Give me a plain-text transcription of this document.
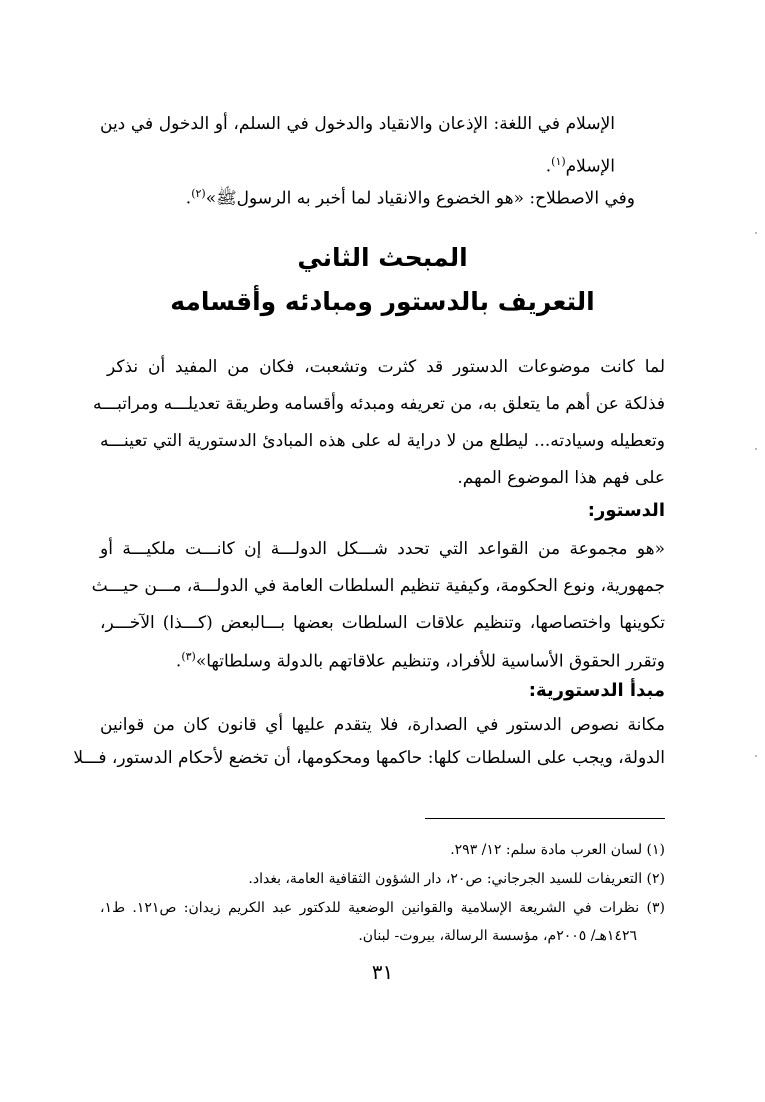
الإسلام في اللغة: الإذعان والانقياد والدخول في السلم، أو الدخول في دين

الإسلام$^{(١)}$.

وفي الاصطلاح: «هو الخضوع والانقياد لما أخبر به الرسولﷺ»$^{(٢)}$.

المبحث الثاني
التعريف بالدستور ومبادئه وأقسامه

لما كانت موضوعات الدستور قد كثرت وتشعبت، فكان من المفيد أن نذكر

فذلكة عن أهم ما يتعلق به، من تعريفه ومبدئه وأقسامه وطريقة تعديلـــه ومراتبـــه

وتعطيله وسيادته... ليطلع من لا دراية له على هذه المبادئ الدستورية التي تعينـــه

على فهم هذا الموضوع المهم.

الدستور:

«هو مجموعة من القواعد التي تحدد شـــكل الدولـــة إن كانـــت ملكيـــة أو

جمهورية، ونوع الحكومة، وكيفية تنظيم السلطات العامة في الدولـــة، مـــن حيـــث

تكوينها واختصاصها، وتنظيم علاقات السلطات بعضها بـــالبعض (كـــذا) الآخـــر،

وتقرر الحقوق الأساسية للأفراد، وتنظيم علاقاتهم بالدولة وسلطاتها»$^{(٣)}$.

مبدأ الدستورية:

مكانة نصوص الدستور في الصدارة، فلا يتقدم عليها أي قانون كان من قوانين

الدولة، ويجب على السلطات كلها: حاكمها ومحكومها، أن تخضع لأحكام الدستور، فـــلا

(١) لسان العرب مادة سلم: ١٢/ ٢٩٣.
(٢) التعريفات للسيد الجرجاني: ص٢٠، دار الشؤون الثقافية العامة، بغداد.
(٣) نظرات في الشريعة الإسلامية والقوانين الوضعية للدكتور عبد الكريم زيدان: ص١٢١. ط١،
١٤٢٦هـ/ ٢٠٠٥م، مؤسسة الرسالة، بيروت- لبنان.
٣١
